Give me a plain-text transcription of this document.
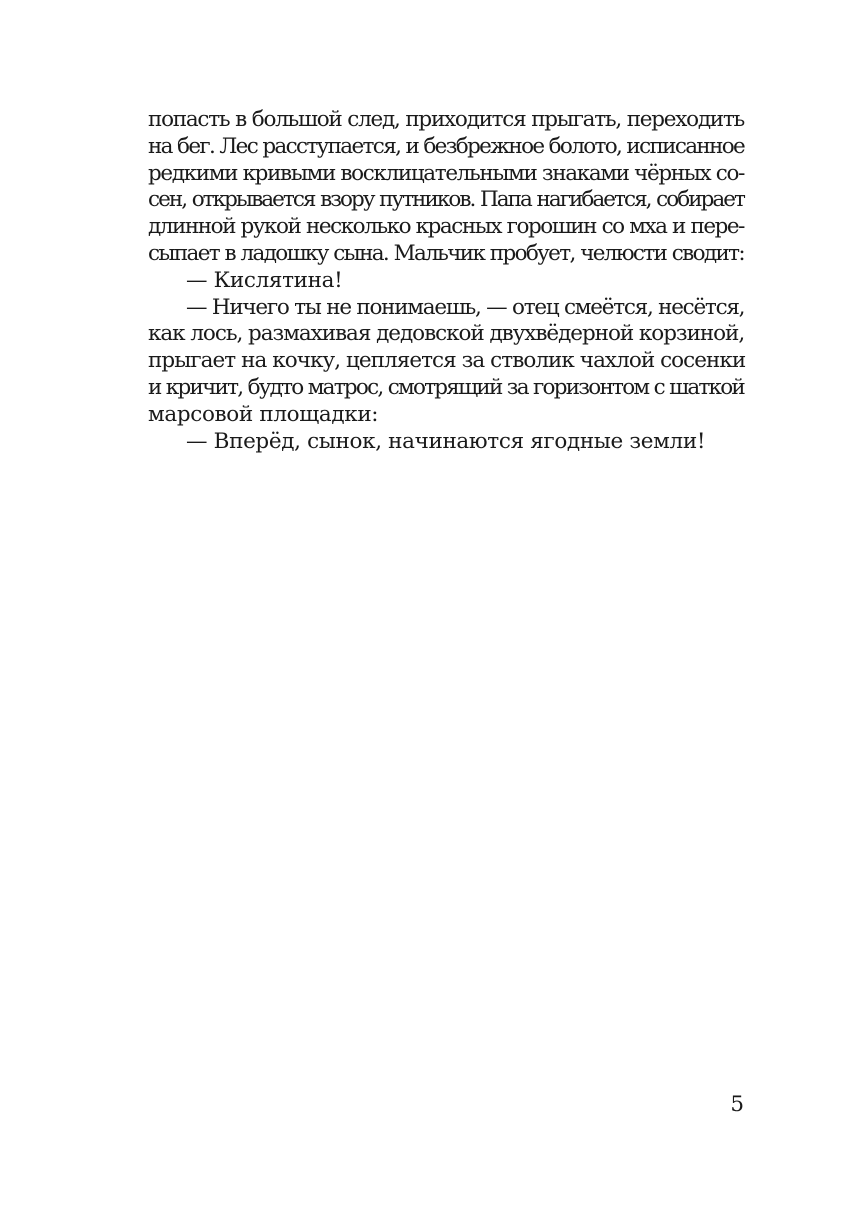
попасть в большой след, приходится прыгать, переходить
на бег. Лес расступается, и безбрежное болото, исписанное
редкими кривыми восклицательными знаками чёрных со-
сен, открывается взору путников. Папа нагибается, собирает
длинной рукой несколько красных горошин со мха и пере-
сыпает в ладошку сына. Мальчик пробует, челюсти сводит:
— Кислятина!
— Ничего ты не понимаешь, — отец смеётся, несётся,
как лось, размахивая дедовской двухвёдерной корзиной,
прыгает на кочку, цепляется за стволик чахлой сосенки
и кричит, будто матрос, смотрящий за горизонтом с шаткой
марсовой площадки:
— Вперёд, сынок, начинаются ягодные земли!
5
